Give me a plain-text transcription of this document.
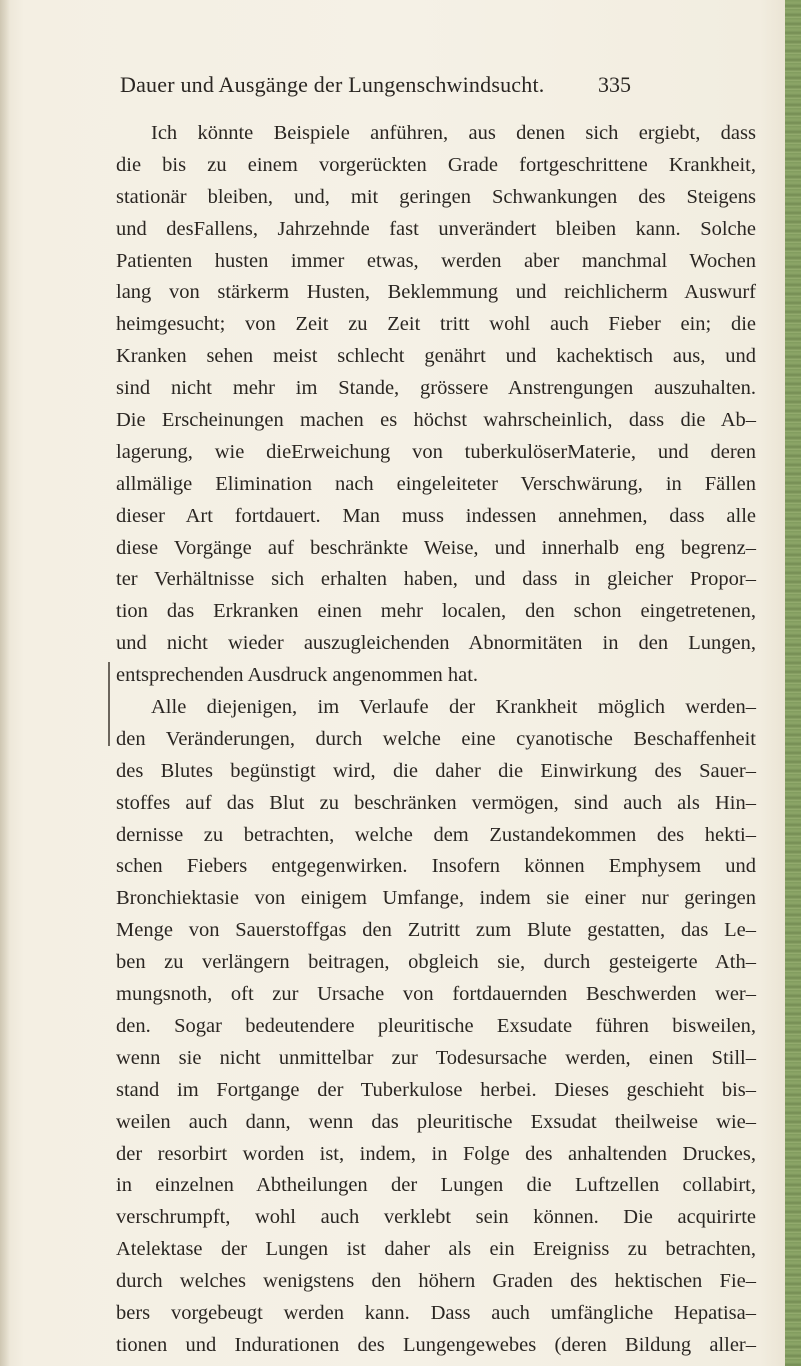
Dauer und Ausgänge der Lungenschwindsucht. 335
Ich könnte Beispiele anführen, aus denen sich ergiebt, dass
die bis zu einem vorgerückten Grade fortgeschrittene Krankheit,
stationär bleiben, und, mit geringen Schwankungen des Steigens
und desFallens, Jahrzehnde fast unverändert bleiben kann. Solche
Patienten husten immer etwas, werden aber manchmal Wochen
lang von stärkerm Husten, Beklemmung und reichlicherm Auswurf
heimgesucht; von Zeit zu Zeit tritt wohl auch Fieber ein; die
Kranken sehen meist schlecht genährt und kachektisch aus, und
sind nicht mehr im Stande, grössere Anstrengungen auszuhalten.
Die Erscheinungen machen es höchst wahrscheinlich, dass die Ab–
lagerung, wie dieErweichung von tuberkulöserMaterie, und deren
allmälige Elimination nach eingeleiteter Verschwärung, in Fällen
dieser Art fortdauert. Man muss indessen annehmen, dass alle
diese Vorgänge auf beschränkte Weise, und innerhalb eng begrenz–
ter Verhältnisse sich erhalten haben, und dass in gleicher Propor–
tion das Erkranken einen mehr localen, den schon eingetretenen,
und nicht wieder auszugleichenden Abnormitäten in den Lungen,
entsprechenden Ausdruck angenommen hat.
Alle diejenigen, im Verlaufe der Krankheit möglich werden–
den Veränderungen, durch welche eine cyanotische Beschaffenheit
des Blutes begünstigt wird, die daher die Einwirkung des Sauer–
stoffes auf das Blut zu beschränken vermögen, sind auch als Hin–
dernisse zu betrachten, welche dem Zustandekommen des hekti–
schen Fiebers entgegenwirken. Insofern können Emphysem und
Bronchiektasie von einigem Umfange, indem sie einer nur geringen
Menge von Sauerstoffgas den Zutritt zum Blute gestatten, das Le–
ben zu verlängern beitragen, obgleich sie, durch gesteigerte Ath–
mungsnoth, oft zur Ursache von fortdauernden Beschwerden wer–
den. Sogar bedeutendere pleuritische Exsudate führen bisweilen,
wenn sie nicht unmittelbar zur Todesursache werden, einen Still–
stand im Fortgange der Tuberkulose herbei. Dieses geschieht bis–
weilen auch dann, wenn das pleuritische Exsudat theilweise wie–
der resorbirt worden ist, indem, in Folge des anhaltenden Druckes,
in einzelnen Abtheilungen der Lungen die Luftzellen collabirt,
verschrumpft, wohl auch verklebt sein können. Die acquirirte
Atelektase der Lungen ist daher als ein Ereigniss zu betrachten,
durch welches wenigstens den höhern Graden des hektischen Fie–
bers vorgebeugt werden kann. Dass auch umfängliche Hepatisa–
tionen und Indurationen des Lungengewebes (deren Bildung aller–
